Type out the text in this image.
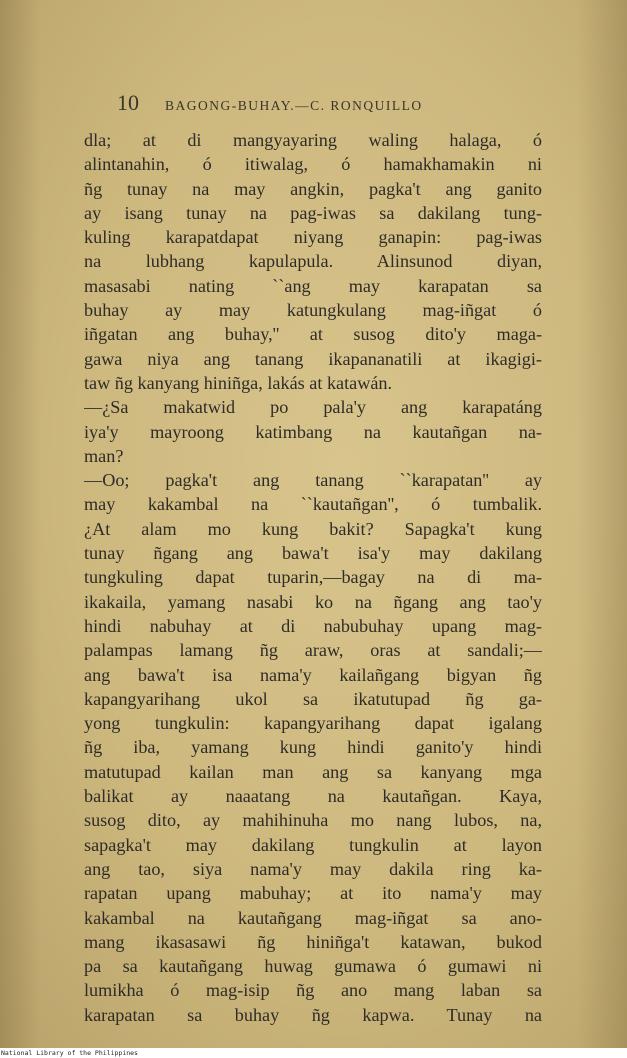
10 BAGONG-BUHAY.—C. RONQUILLO
dla; at di mangyayaring waling halaga, ó
alintanahin, ó itiwalag, ó hamakhamakin ni
ñg tunay na may angkin, pagka't ang ganito
ay isang tunay na pag-iwas sa dakilang tung-
kuling karapatdapat niyang ganapin: pag-iwas
na lubhang kapulapula. Alinsunod diyan,
masasabi nating ``ang may karapatan sa
buhay ay may katungkulang mag-iñgat ó
iñgatan ang buhay,'' at susog dito'y maga-
gawa niya ang tanang ikapananatili at ikagigi-
taw ñg kanyang hiniñga, lakás at katawán.
—¿Sa makatwid po pala'y ang karapatáng
iya'y mayroong katimbang na kautañgan na-
man?
—Oo; pagka't ang tanang ``karapatan'' ay
may kakambal na ``kautañgan'', ó tumbalik.
¿At alam mo kung bakit? Sapagka't kung
tunay ñgang ang bawa't isa'y may dakilang
tungkuling dapat tuparin,—bagay na di ma-
ikakaila, yamang nasabi ko na ñgang ang tao'y
hindi nabuhay at di nabubuhay upang mag-
palampas lamang ñg araw, oras at sandali;—
ang bawa't isa nama'y kailañgang bigyan ñg
kapangyarihang ukol sa ikatutupad ñg ga-
yong tungkulin: kapangyarihang dapat igalang
ñg iba, yamang kung hindi ganito'y hindi
matutupad kailan man ang sa kanyang mga
balikat ay naaatang na kautañgan. Kaya,
susog dito, ay mahihinuha mo nang lubos, na,
sapagka't may dakilang tungkulin at layon
ang tao, siya nama'y may dakila ring ka-
rapatan upang mabuhay; at ito nama'y may
kakambal na kautañgang mag-iñgat sa ano-
mang ikasasawi ñg hiniñga't katawan, bukod
pa sa kautañgang huwag gumawa ó gumawi ni
lumikha ó mag-isip ñg ano mang laban sa
karapatan sa buhay ñg kapwa. Tunay na
National Library of the Philippines
